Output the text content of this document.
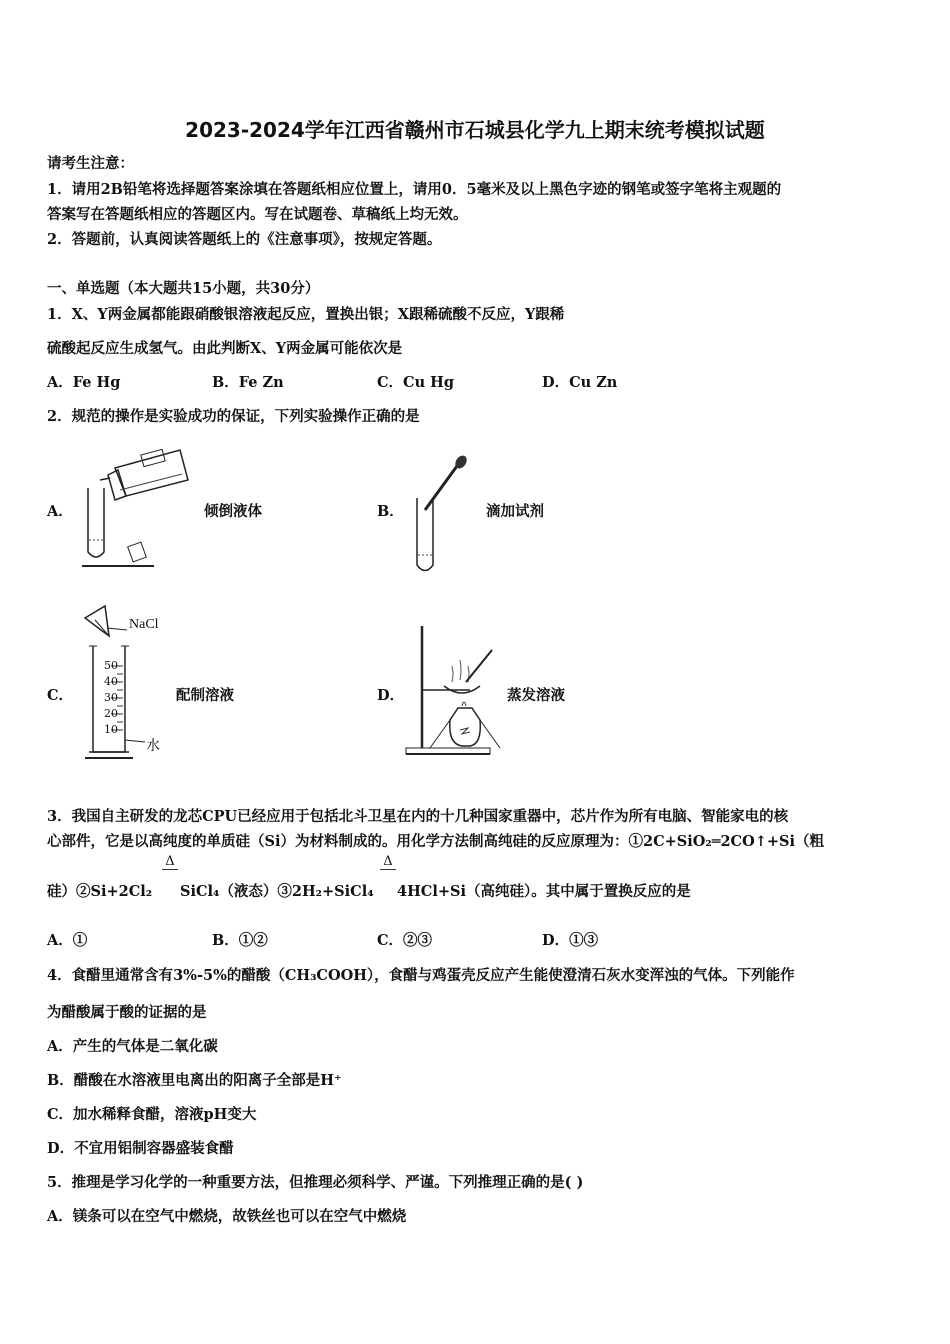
2023-2024学年江西省赣州市石城县化学九上期末统考模拟试题
请考生注意：
1．请用2B铅笔将选择题答案涂填在答题纸相应位置上，请用0．5毫米及以上黑色字迹的钢笔或签字笔将主观题的
答案写在答题纸相应的答题区内。写在试题卷、草稿纸上均无效。
2．答题前，认真阅读答题纸上的《注意事项》，按规定答题。
一、单选题（本大题共15小题，共30分）
1．X、Y两金属都能跟硝酸银溶液起反应，置换出银；X跟稀硫酸不反应，Y跟稀
硫酸起反应生成氢气。由此判断X、Y两金属可能依次是
A．Fe Hg	B．Fe Zn	C．Cu Hg	D．Cu Zn
2．规范的操作是实验成功的保证，下列实验操作正确的是
A．	倾倒液体	B．	滴加试剂
C．
NaCl
50
40
30
20
10
水
配制溶液	D．	蒸发溶液
3．我国自主研发的龙芯CPU已经应用于包括北斗卫星在内的十几种国家重器中，芯片作为所有电脑、智能家电的核
心部件，它是以高纯度的单质硅（Si）为材料制成的。用化学方法制高纯硅的反应原理为：①2C+SiO₂═2CO↑+Si（粗
Δ	Δ
硅）②Si+2Cl₂ SiCl₄（液态）③2H₂+SiCl₄ 4HCl+Si（高纯硅）。其中属于置换反应的是
A．①	B．①②	C．②③	D．①③
4．食醋里通常含有3%-5%的醋酸（CH₃COOH），食醋与鸡蛋壳反应产生能使澄清石灰水变浑浊的气体。下列能作
为醋酸属于酸的证据的是
A．产生的气体是二氧化碳
B．醋酸在水溶液里电离出的阳离子全部是H⁺
C．加水稀释食醋，溶液pH变大
D．不宜用铝制容器盛装食醋
5．推理是学习化学的一种重要方法，但推理必须科学、严谨。下列推理正确的是( )
A．镁条可以在空气中燃烧，故铁丝也可以在空气中燃烧
